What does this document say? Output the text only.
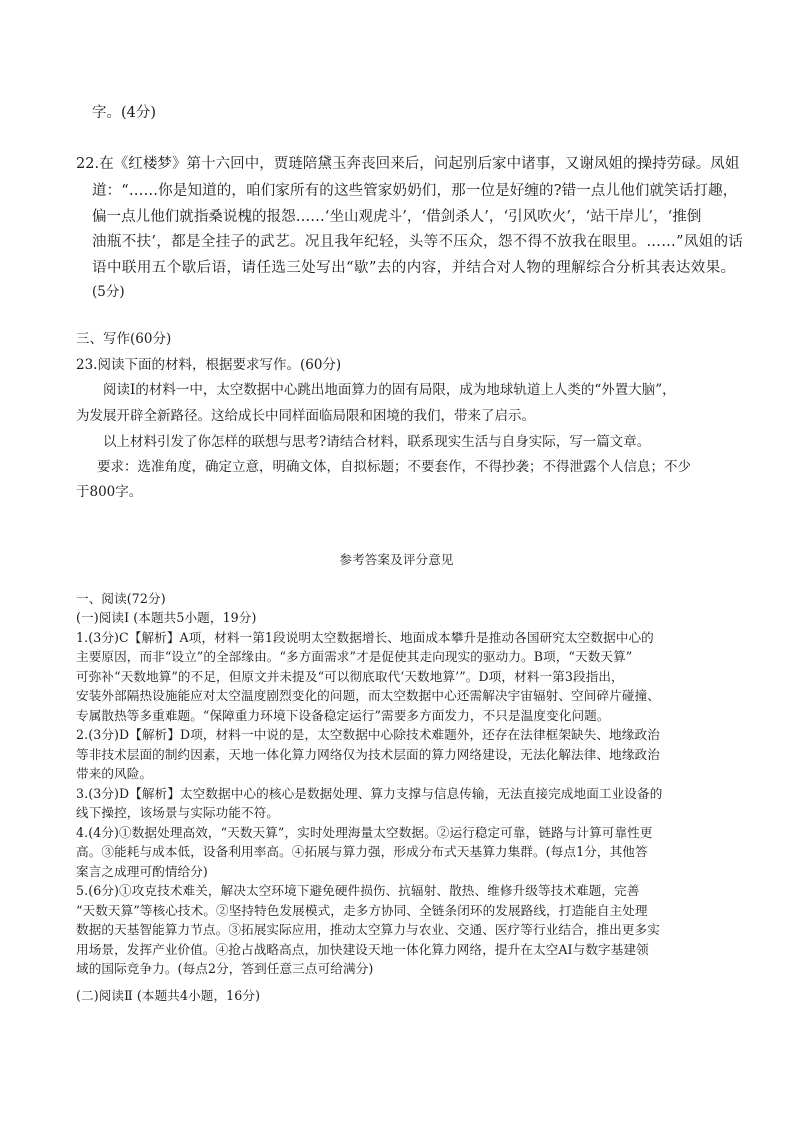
字。(4分)
22.在《红楼梦》第十六回中，贾琏陪黛玉奔丧回来后，问起别后家中诸事，又谢凤姐的操持劳碌。凤姐
道：“……你是知道的，咱们家所有的这些管家奶奶们，那一位是好缠的?错一点儿他们就笑话打趣，
偏一点儿他们就指桑说槐的报怨……‘坐山观虎斗’，‘借剑杀人’，‘引风吹火’，‘站干岸儿’，‘推倒
油瓶不扶’，都是全挂子的武艺。况且我年纪轻，头等不压众，怨不得不放我在眼里。……”凤姐的话
语中联用五个歇后语，请任选三处写出“歇”去的内容，并结合对人物的理解综合分析其表达效果。
(5分)
三、写作(60分)
23.阅读下面的材料，根据要求写作。(60分)
阅读Ⅰ的材料一中，太空数据中心跳出地面算力的固有局限，成为地球轨道上人类的“外置大脑”，
为发展开辟全新路径。这给成长中同样面临局限和困境的我们，带来了启示。
以上材料引发了你怎样的联想与思考?请结合材料，联系现实生活与自身实际，写一篇文章。
要求：选准角度，确定立意，明确文体，自拟标题；不要套作，不得抄袭；不得泄露个人信息；不少
于800字。
参考答案及评分意见
一、阅读(72分)
(一)阅读Ⅰ (本题共5小题，19分)
1.(3分)C【解析】A项，材料一第1段说明太空数据增长、地面成本攀升是推动各国研究太空数据中心的
主要原因，而非“设立”的全部缘由。“多方面需求”才是促使其走向现实的驱动力。B项，“天数天算”
可弥补“天数地算”的不足，但原文并未提及“可以彻底取代‘天数地算’”。D项，材料一第3段指出，
安装外部隔热设施能应对太空温度剧烈变化的问题，而太空数据中心还需解决宇宙辐射、空间碎片碰撞、
专属散热等多重难题。“保障重力环境下设备稳定运行”需要多方面发力，不只是温度变化问题。
2.(3分)D【解析】D项，材料一中说的是，太空数据中心除技术难题外，还存在法律框架缺失、地缘政治
等非技术层面的制约因素，天地一体化算力网络仅为技术层面的算力网络建设，无法化解法律、地缘政治
带来的风险。
3.(3分)D【解析】太空数据中心的核心是数据处理、算力支撑与信息传输，无法直接完成地面工业设备的
线下操控，该场景与实际功能不符。
4.(4分)①数据处理高效，“天数天算”，实时处理海量太空数据。②运行稳定可靠，链路与计算可靠性更
高。③能耗与成本低，设备利用率高。④拓展与算力强，形成分布式天基算力集群。(每点1分，其他答
案言之成理可酌情给分)
5.(6分)①攻克技术难关，解决太空环境下避免硬件损伤、抗辐射、散热、维修升级等技术难题，完善
“天数天算”等核心技术。②坚持特色发展模式，走多方协同、全链条闭环的发展路线，打造能自主处理
数据的天基智能算力节点。③拓展实际应用，推动太空算力与农业、交通、医疗等行业结合，推出更多实
用场景，发挥产业价值。④抢占战略高点，加快建设天地一体化算力网络，提升在太空AI与数字基建领
域的国际竞争力。(每点2分，答到任意三点可给满分)
(二)阅读Ⅱ (本题共4小题，16分)
